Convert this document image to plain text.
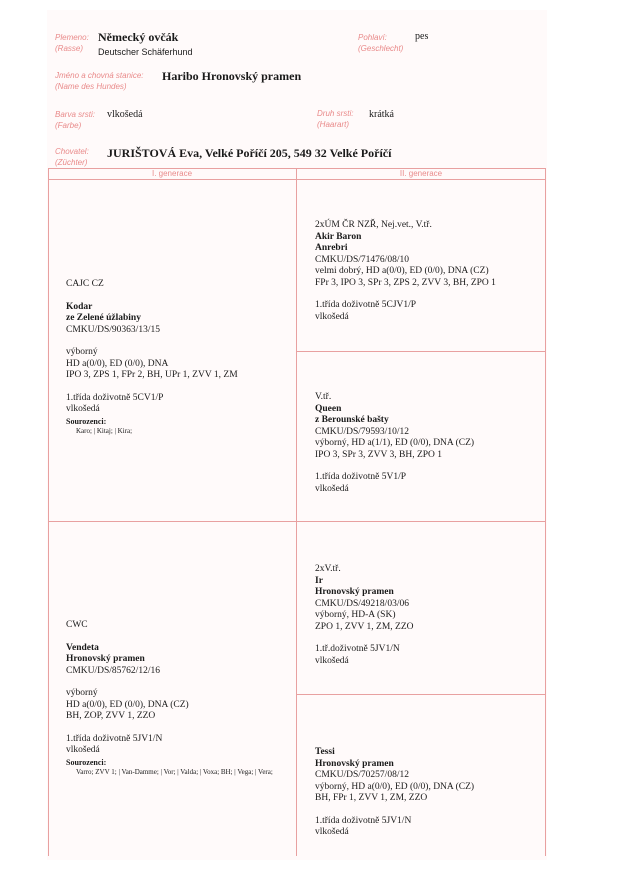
Plemeno:
(Rasse)
Německý ovčák
Deutscher Schäferhund
Pohlaví:
(Geschlecht)
pes
Jméno a chovná stanice:
(Name des Hundes)
Haribo Hronovský pramen
Barva srsti:
(Farbe)
vlkošedá	Druh srsti:
(Haarart)
krátká
Chovatel:
(Züchter)
JURIŠTOVÁ Eva, Velké Poříčí 205, 549 32 Velké Poříčí
I. generace	II. generace
CAJC CZ
Kodar
ze Zelené úžlabiny
CMKU/DS/90363/13/15
výborný
HD a(0/0), ED (0/0), DNA
IPO 3, ZPS 1, FPr 2, BH, UPr 1, ZVV 1, ZM
1.třída doživotně 5CV1/P
vlkošedá
Sourozenci:
Karo; | Kitaj; | Kira;
2xÚM ČR NZŘ, Nej.vet., V.tř.
Akir Baron
Anrebri
CMKU/DS/71476/08/10
velmi dobrý, HD a(0/0), ED (0/0), DNA (CZ)
FPr 3, IPO 3, SPr 3, ZPS 2, ZVV 3, BH, ZPO 1
1.třída doživotně 5CJV1/P
vlkošedá
V.tř.
Queen
z Berounské bašty
CMKU/DS/79593/10/12
výborný, HD a(1/1), ED (0/0), DNA (CZ)
IPO 3, SPr 3, ZVV 3, BH, ZPO 1
1.třída doživotně 5V1/P
vlkošedá
CWC
Vendeta
Hronovský pramen
CMKU/DS/85762/12/16
výborný
HD a(0/0), ED (0/0), DNA (CZ)
BH, ZOP, ZVV 1, ZZO
1.třída doživotně 5JV1/N
vlkošedá
Sourozenci:
Varro; ZVV 1; | Van-Damme; | Vor; | Valda; | Voxa; BH; | Vega; | Vera;
2xV.tř.
Ir
Hronovský pramen
CMKU/DS/49218/03/06
výborný, HD-A (SK)
ZPO 1, ZVV 1, ZM, ZZO
1.tř.doživotně 5JV1/N
vlkošedá
Tessi
Hronovský pramen
CMKU/DS/70257/08/12
výborný, HD a(0/0), ED (0/0), DNA (CZ)
BH, FPr 1, ZVV 1, ZM, ZZO
1.třída doživotně 5JV1/N
vlkošedá
